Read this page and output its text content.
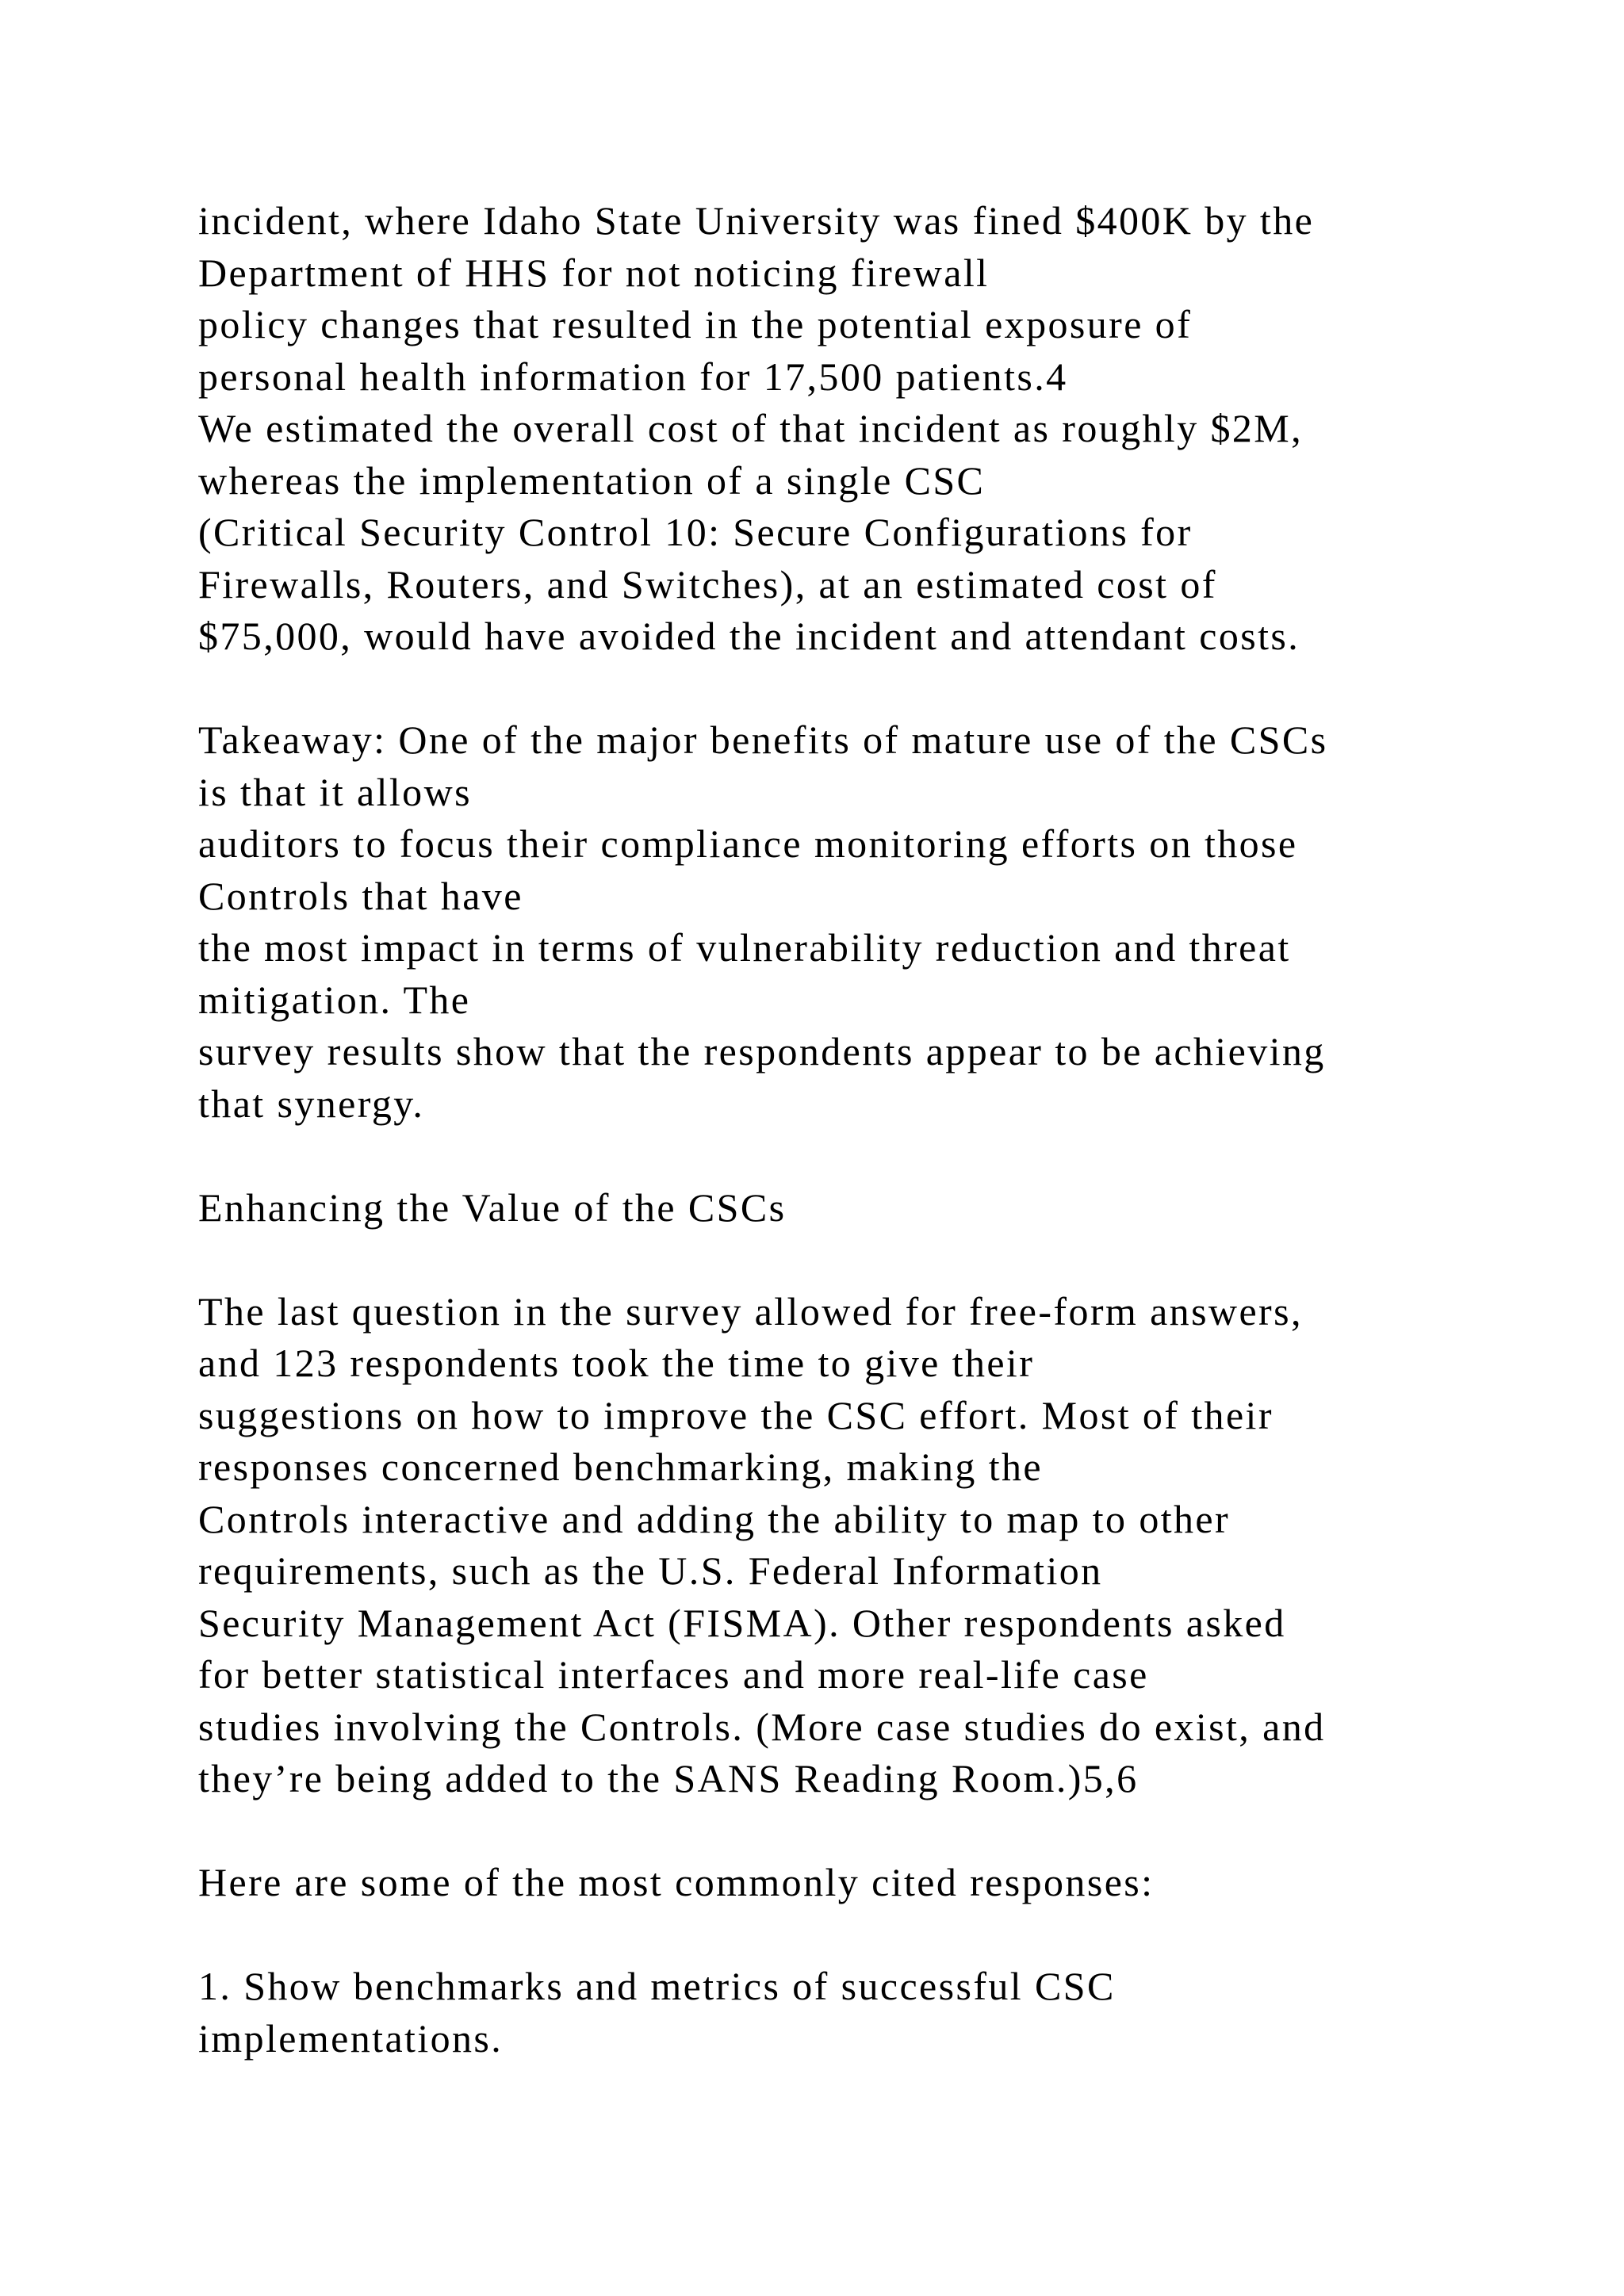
incident, where Idaho State University was fined $400K by the
Department of HHS for not noticing firewall
policy changes that resulted in the potential exposure of
personal health information for 17,500 patients.4
We estimated the overall cost of that incident as roughly $2M,
whereas the implementation of a single CSC
(Critical Security Control 10: Secure Configurations for
Firewalls, Routers, and Switches), at an estimated cost of
$75,000, would have avoided the incident and attendant costs.
Takeaway: One of the major benefits of mature use of the CSCs
is that it allows
auditors to focus their compliance monitoring efforts on those
Controls that have
the most impact in terms of vulnerability reduction and threat
mitigation. The
survey results show that the respondents appear to be achieving
that synergy.
Enhancing the Value of the CSCs
The last question in the survey allowed for free-form answers,
and 123 respondents took the time to give their
suggestions on how to improve the CSC effort. Most of their
responses concerned benchmarking, making the
Controls interactive and adding the ability to map to other
requirements, such as the U.S. Federal Information
Security Management Act (FISMA). Other respondents asked
for better statistical interfaces and more real-life case
studies involving the Controls. (More case studies do exist, and
they’re being added to the SANS Reading Room.)5,6
Here are some of the most commonly cited responses:
1. Show benchmarks and metrics of successful CSC
implementations.
